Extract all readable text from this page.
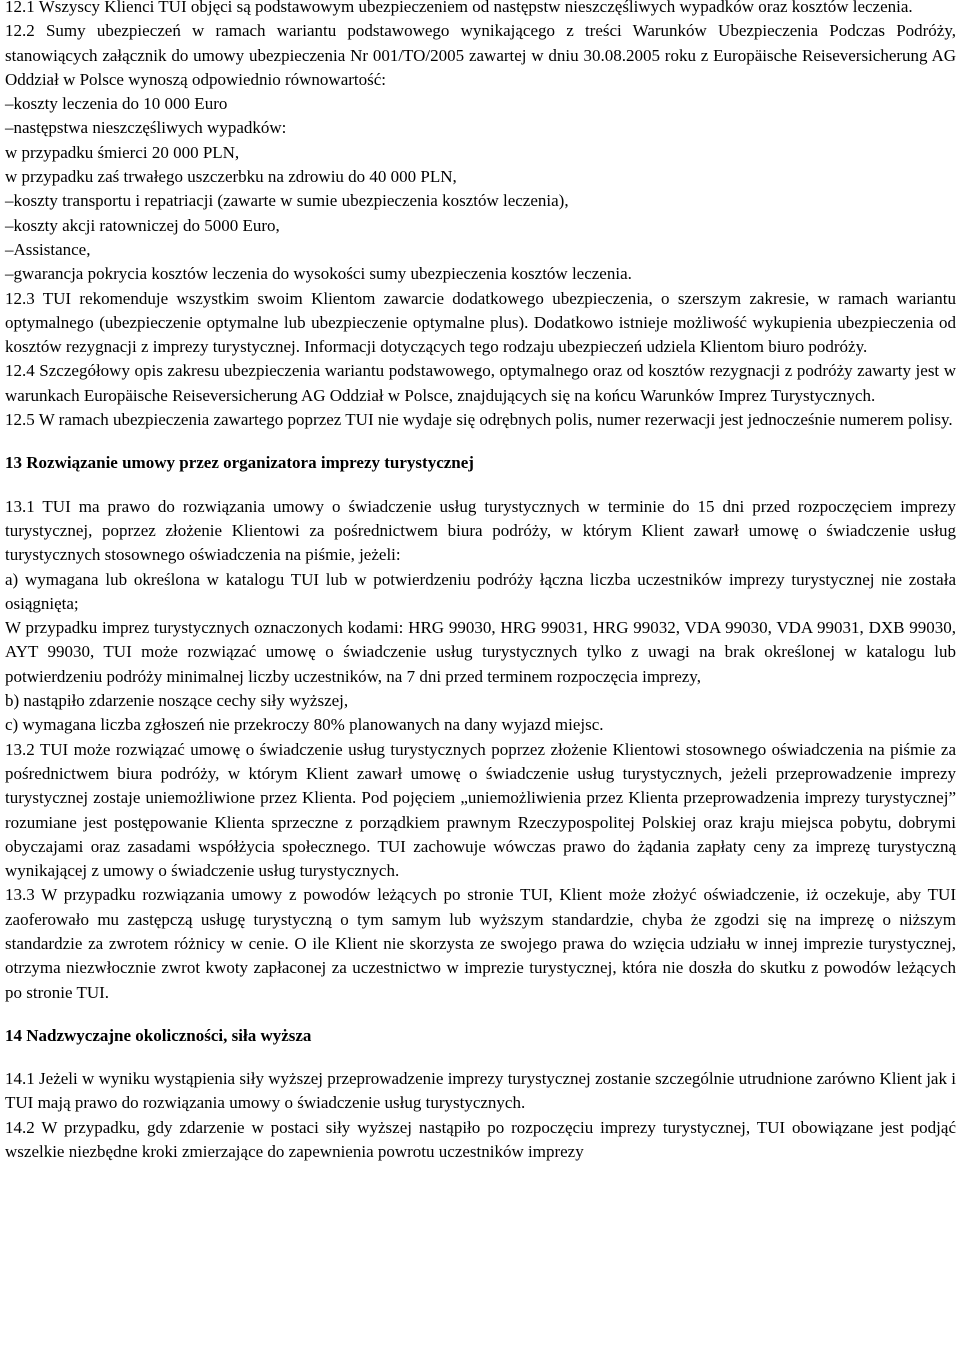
12.1 Wszyscy Klienci TUI objęci są podstawowym ubezpieczeniem od następstw nieszczęśliwych wypadków oraz kosztów leczenia.

12.2 Sumy ubezpieczeń w ramach wariantu podstawowego wynikającego z treści Warunków Ubezpieczenia Podczas Podróży, stanowiących załącznik do umowy ubezpieczenia Nr 001/TO/2005 zawartej w dniu 30.08.2005 roku z Europäische Reiseversicherung AG Oddział w Polsce wynoszą odpowiednio równowartość:

–koszty leczenia do 10 000 Euro

–następstwa nieszczęśliwych wypadków:

w przypadku śmierci 20 000 PLN,

w przypadku zaś trwałego uszczerbku na zdrowiu do 40 000 PLN,

–koszty transportu i repatriacji (zawarte w sumie ubezpieczenia kosztów leczenia),

–koszty akcji ratowniczej do 5000 Euro,

–Assistance,

–gwarancja pokrycia kosztów leczenia do wysokości sumy ubezpieczenia kosztów leczenia.

12.3 TUI rekomenduje wszystkim swoim Klientom zawarcie dodatkowego ubezpieczenia, o szerszym zakresie, w ramach wariantu optymalnego (ubezpieczenie optymalne lub ubezpieczenie optymalne plus). Dodatkowo istnieje możliwość wykupienia ubezpieczenia od kosztów rezygnacji z imprezy turystycznej. Informacji dotyczących tego rodzaju ubezpieczeń udziela Klientom biuro podróży.

12.4 Szczegółowy opis zakresu ubezpieczenia wariantu podstawowego, optymalnego oraz od kosztów rezygnacji z podróży zawarty jest w warunkach Europäische Reiseversicherung AG Oddział w Polsce, znajdujących się na końcu Warunków Imprez Turystycznych.

12.5 W ramach ubezpieczenia zawartego poprzez TUI nie wydaje się odrębnych polis, numer rezerwacji jest jednocześnie numerem polisy.

13 Rozwiązanie umowy przez organizatora imprezy turystycznej

13.1 TUI ma prawo do rozwiązania umowy o świadczenie usług turystycznych w terminie do 15 dni przed rozpoczęciem imprezy turystycznej, poprzez złożenie Klientowi za pośrednictwem biura podróży, w którym Klient zawarł umowę o świadczenie usług turystycznych stosownego oświadczenia na piśmie, jeżeli:

a) wymagana lub określona w katalogu TUI lub w potwierdzeniu podróży łączna liczba uczestników imprezy turystycznej nie została osiągnięta;

W przypadku imprez turystycznych oznaczonych kodami: HRG 99030, HRG 99031, HRG 99032, VDA 99030, VDA 99031, DXB 99030, AYT 99030, TUI może rozwiązać umowę o świadczenie usług turystycznych tylko z uwagi na brak określonej w katalogu lub potwierdzeniu podróży minimalnej liczby uczestników, na 7 dni przed terminem rozpoczęcia imprezy,

b) nastąpiło zdarzenie noszące cechy siły wyższej,

c) wymagana liczba zgłoszeń nie przekroczy 80% planowanych na dany wyjazd miejsc.

13.2 TUI może rozwiązać umowę o świadczenie usług turystycznych poprzez złożenie Klientowi stosownego oświadczenia na piśmie za pośrednictwem biura podróży, w którym Klient zawarł umowę o świadczenie usług turystycznych, jeżeli przeprowadzenie imprezy turystycznej zostaje uniemożliwione przez Klienta. Pod pojęciem „uniemożliwienia przez Klienta przeprowadzenia imprezy turystycznej” rozumiane jest postępowanie Klienta sprzeczne z porządkiem prawnym Rzeczypospolitej Polskiej oraz kraju miejsca pobytu, dobrymi obyczajami oraz zasadami współżycia społecznego. TUI zachowuje wówczas prawo do żądania zapłaty ceny za imprezę turystyczną wynikającej z umowy o świadczenie usług turystycznych.

13.3 W przypadku rozwiązania umowy z powodów leżących po stronie TUI, Klient może złożyć oświadczenie, iż oczekuje, aby TUI zaoferowało mu zastępczą usługę turystyczną o tym samym lub wyższym standardzie, chyba że zgodzi się na imprezę o niższym standardzie za zwrotem różnicy w cenie. O ile Klient nie skorzysta ze swojego prawa do wzięcia udziału w innej imprezie turystycznej, otrzyma niezwłocznie zwrot kwoty zapłaconej za uczestnictwo w imprezie turystycznej, która nie doszła do skutku z powodów leżących po stronie TUI.

14 Nadzwyczajne okoliczności, siła wyższa

14.1 Jeżeli w wyniku wystąpienia siły wyższej przeprowadzenie imprezy turystycznej zostanie szczególnie utrudnione zarówno Klient jak i TUI mają prawo do rozwiązania umowy o świadczenie usług turystycznych.

14.2 W przypadku, gdy zdarzenie w postaci siły wyższej nastąpiło po rozpoczęciu imprezy turystycznej, TUI obowiązane jest podjąć wszelkie niezbędne kroki zmierzające do zapewnienia powrotu uczestników imprezy
